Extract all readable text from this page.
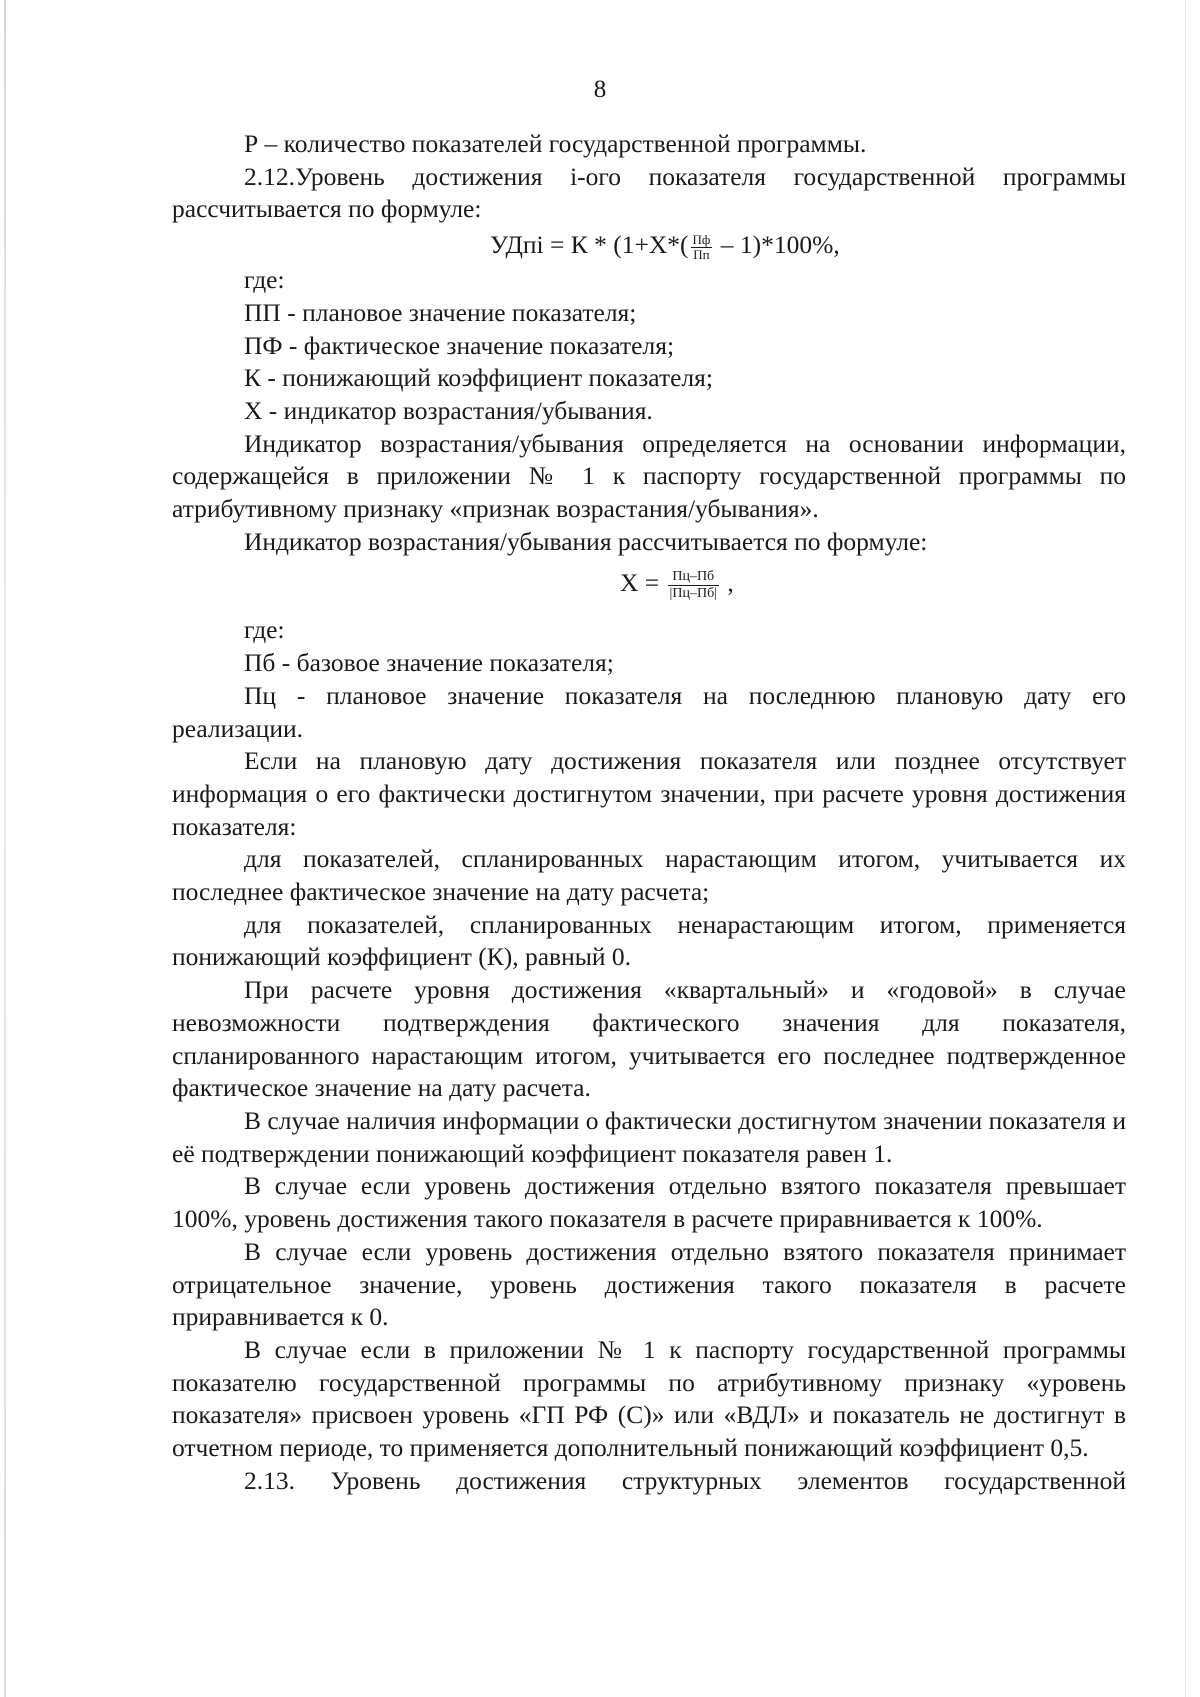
8

Р – количество показателей государственной программы.

2.12.Уровень достижения i-ого показателя государственной программы рассчитывается по формуле:

УДпi = $К * (1+Х*( \frac{Пф}{Пп} - 1)*100\%$,

где:

ПП - плановое значение показателя;

ПФ - фактическое значение показателя;

К - понижающий коэффициент показателя;

Х - индикатор возрастания/убывания.

Индикатор возрастания/убывания определяется на основании информации, содержащейся в приложении № 1 к паспорту государственной программы по атрибутивному признаку «признак возрастания/убывания».

Индикатор возрастания/убывания рассчитывается по формуле:

$Х = \frac{Пц-Пб}{|Пц-Пб|}$ ,

где:

Пб - базовое значение показателя;

Пц - плановое значение показателя на последнюю плановую дату его реализации.

Если на плановую дату достижения показателя или позднее отсутствует информация о его фактически достигнутом значении, при расчете уровня достижения показателя:

для показателей, спланированных нарастающим итогом, учитывается их последнее фактическое значение на дату расчета;

для показателей, спланированных ненарастающим итогом, применяется понижающий коэффициент (К), равный 0.

При расчете уровня достижения «квартальный» и «годовой» в случае невозможности подтверждения фактического значения для показателя, спланированного нарастающим итогом, учитывается его последнее подтвержденное фактическое значение на дату расчета.

В случае наличия информации о фактически достигнутом значении показателя и её подтверждении понижающий коэффициент показателя равен 1.

В случае если уровень достижения отдельно взятого показателя превышает 100%, уровень достижения такого показателя в расчете приравнивается к 100%.

В случае если уровень достижения отдельно взятого показателя принимает отрицательное значение, уровень достижения такого показателя в расчете приравнивается к 0.

В случае если в приложении № 1 к паспорту государственной программы показателю государственной программы по атрибутивному признаку «уровень показателя» присвоен уровень «ГП РФ (С)» или «ВДЛ» и показатель не достигнут в отчетном периоде, то применяется дополнительный понижающий коэффициент 0,5.

2.13. Уровень достижения структурных элементов государственной
